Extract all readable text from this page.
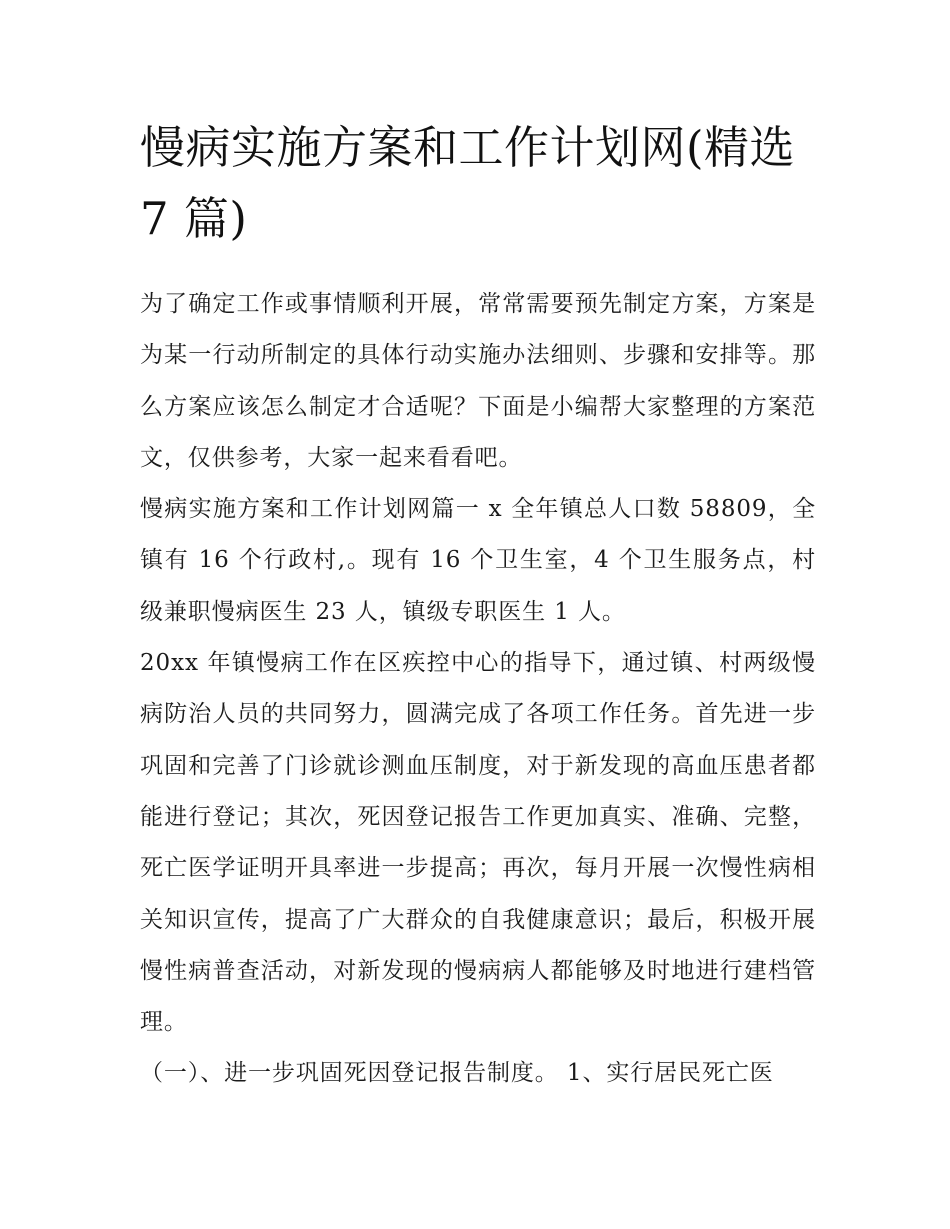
慢病实施方案和工作计划网(精选 7 篇)

为了确定工作或事情顺利开展，常常需要预先制定方案，方案是为某一行动所制定的具体行动实施办法细则、步骤和安排等。那么方案应该怎么制定才合适呢？下面是小编帮大家整理的方案范文，仅供参考，大家一起来看看吧。

慢病实施方案和工作计划网篇一 x 全年镇总人口数 58809，全镇有 16 个行政村,。现有 16 个卫生室，4 个卫生服务点，村级兼职慢病医生 23 人，镇级专职医生 1 人。

20xx 年镇慢病工作在区疾控中心的指导下，通过镇、村两级慢病防治人员的共同努力，圆满完成了各项工作任务。首先进一步巩固和完善了门诊就诊测血压制度，对于新发现的高血压患者都能进行登记；其次，死因登记报告工作更加真实、准确、完整，死亡医学证明开具率进一步提高；再次，每月开展一次慢性病相关知识宣传，提高了广大群众的自我健康意识；最后，积极开展慢性病普查活动，对新发现的慢病病人都能够及时地进行建档管理。

（一）、进一步巩固死因登记报告制度。 1、实行居民死亡医
